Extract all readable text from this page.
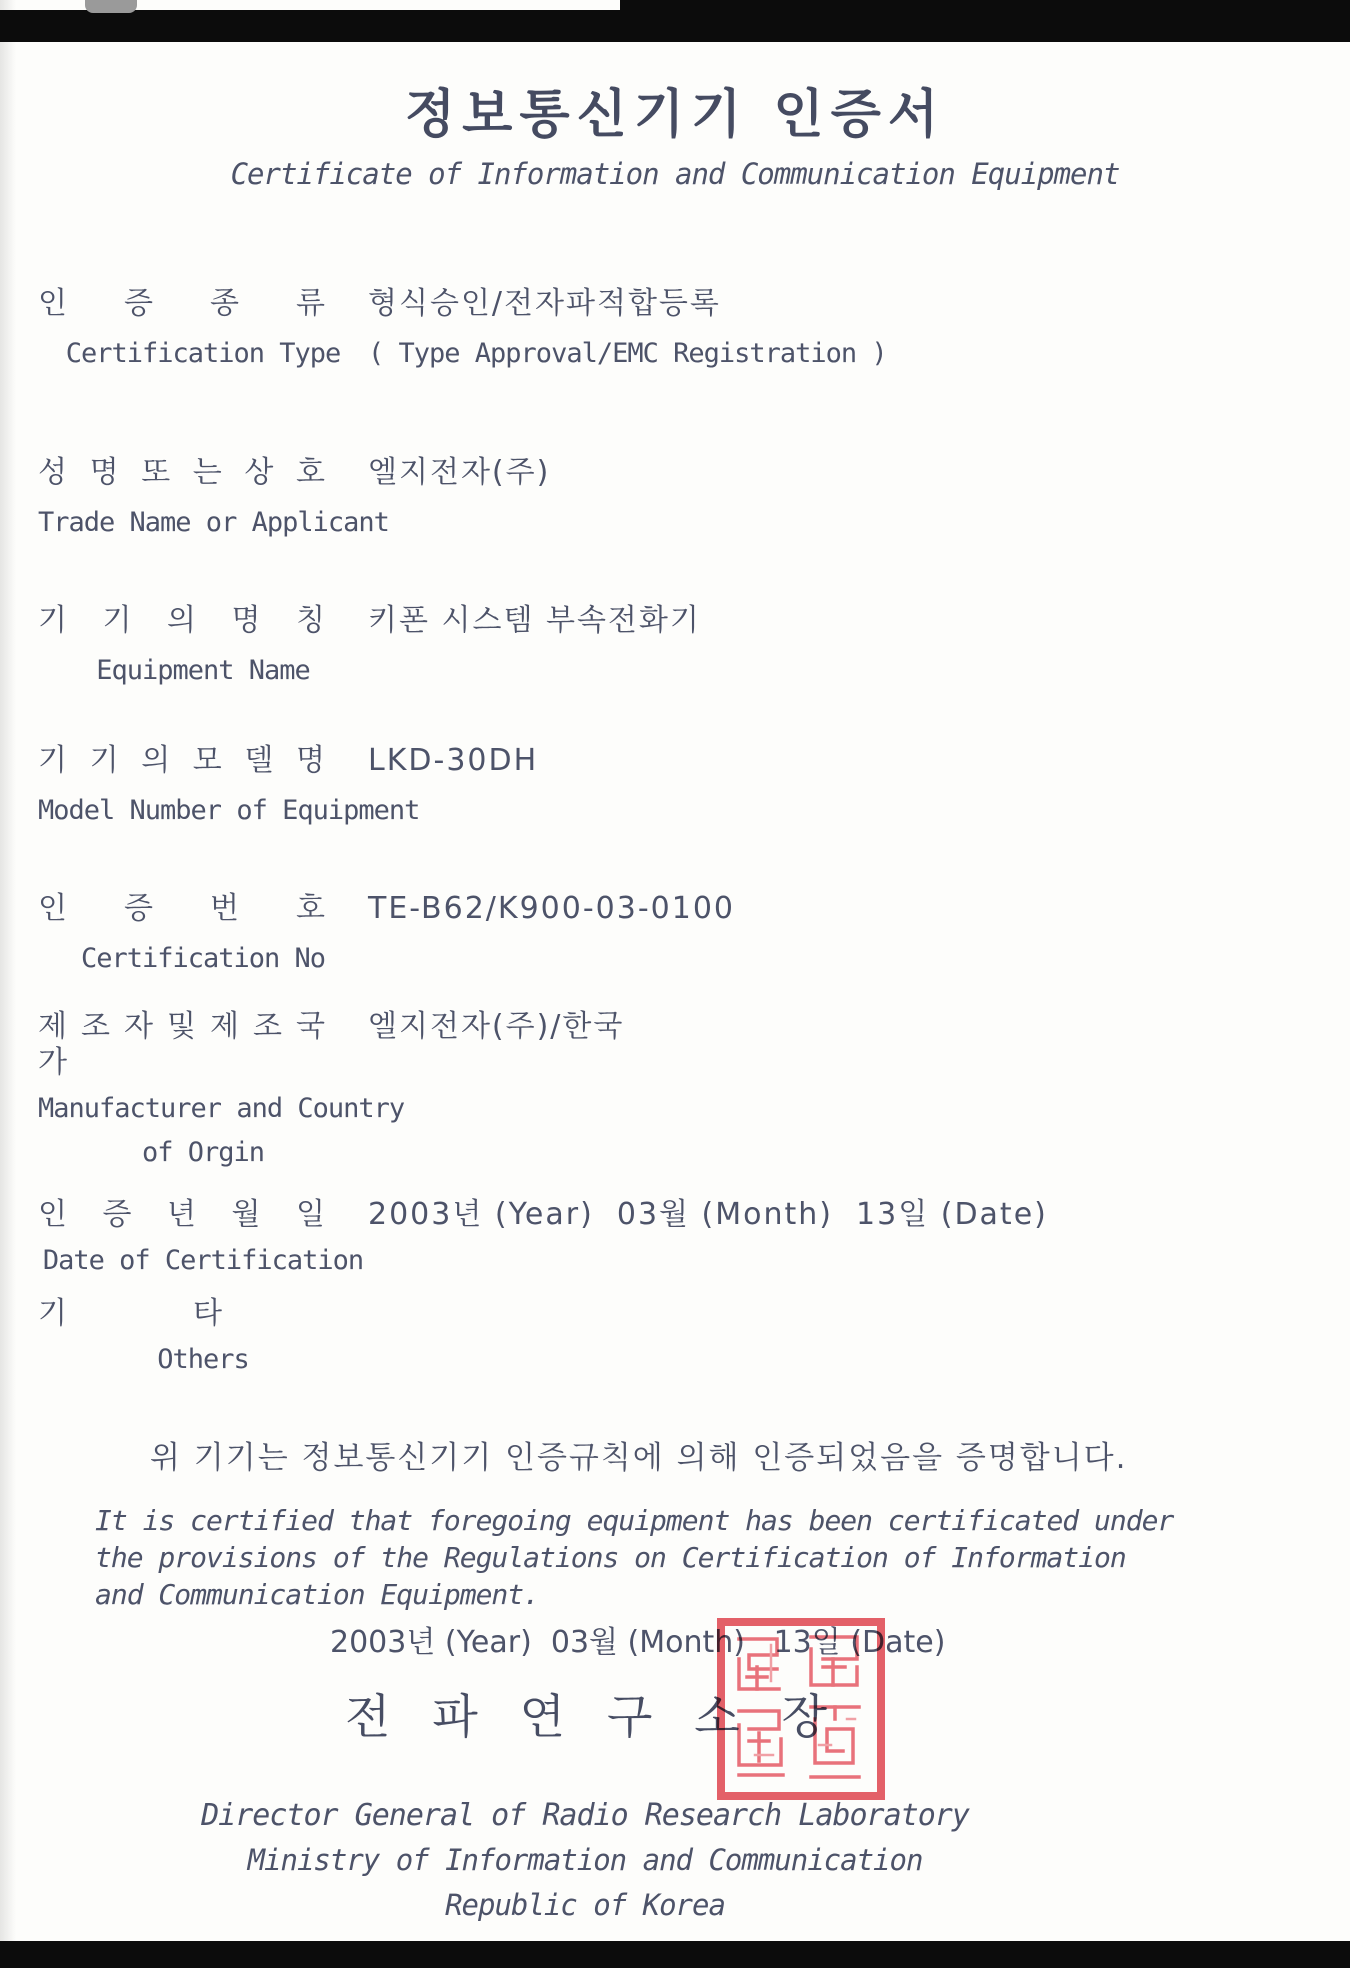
정보통신기기 인증서
Certificate of Information and Communication Equipment
인 증 종 류
Certification Type
형식승인/전자파적합등록
( Type Approval/EMC Registration )
성 명 또 는 상 호
Trade Name or Applicant
엘지전자(주)
기 기 의 명 칭
Equipment Name
키폰 시스템 부속전화기
기 기 의 모 델 명
Model Number of Equipment
LKD-30DH
인 증 번 호
Certification No
TE-B62/K900-03-0100
제 조 자 및 제 조 국 가
Manufacturer and Country
of Orgin
엘지전자(주)/한국
인 증 년 월 일
Date of Certification
2003년 (Year)  03월 (Month)  13일 (Date)
기 타
Others
위 기기는 정보통신기기 인증규칙에 의해 인증되었음을 증명합니다.
It is certified that foregoing equipment has been certificated under
the provisions of the Regulations on Certification of Information
and Communication Equipment.
2003년 (Year)  03월 (Month)   13일 (Date)
전 파 연 구 소 장
Director General of Radio Research Laboratory
Ministry of Information and Communication
Republic of Korea
